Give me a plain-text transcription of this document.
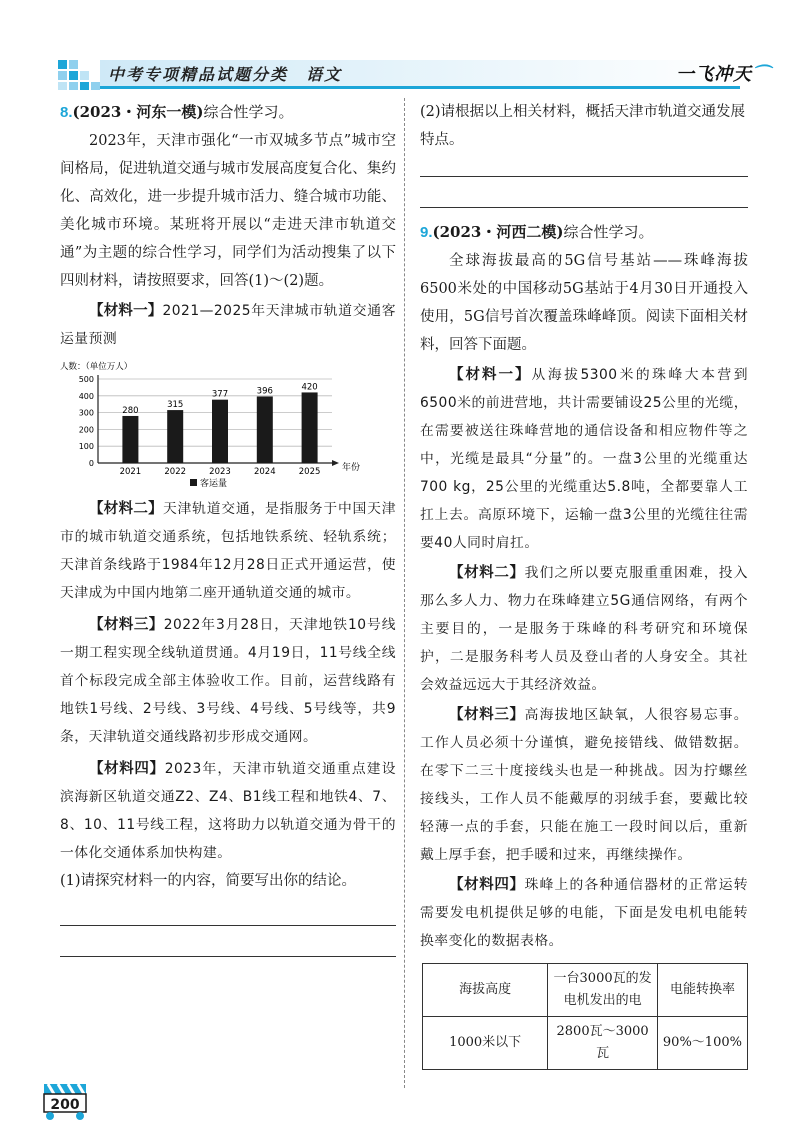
中考专项精品试题分类 语文	一飞冲天⌒

8.(2023・河东一模)综合性学习。

2023年，天津市强化“一市双城多节点”城市空间格局，促进轨道交通与城市发展高度复合化、集约化、高效化，进一步提升城市活力、缝合城市功能、美化城市环境。某班将开展以“走进天津市轨道交通”为主题的综合性学习，同学们为活动搜集了以下四则材料，请按照要求，回答(1)～(2)题。

【材料一】2021—2025年天津城市轨道交通客运量预测

人数：（单位万人）
年份
客运量
0
100
200
300
400
500
280
2021
315
2022
377
2023
396
2024
420
2025

【材料二】天津轨道交通，是指服务于中国天津市的城市轨道交通系统，包括地铁系统、轻轨系统；天津首条线路于1984年12月28日正式开通运营，使天津成为中国内地第二座开通轨道交通的城市。

【材料三】2022年3月28日，天津地铁10号线一期工程实现全线轨道贯通。4月19日，11号线全线首个标段完成全部主体验收工作。目前，运营线路有地铁1号线、2号线、3号线、4号线、5号线等，共9条，天津轨道交通线路初步形成交通网。

【材料四】2023年，天津市轨道交通重点建设滨海新区轨道交通Z2、Z4、B1线工程和地铁4、7、8、10、11号线工程，这将助力以轨道交通为骨干的一体化交通体系加快构建。

(1)请探究材料一的内容，简要写出你的结论。

(2)请根据以上相关材料，概括天津市轨道交通发展特点。

9.(2023・河西二模)综合性学习。

全球海拔最高的5G信号基站——珠峰海拔6500米处的中国移动5G基站于4月30日开通投入使用，5G信号首次覆盖珠峰峰顶。阅读下面相关材料，回答下面题。

【材料一】从海拔5300米的珠峰大本营到6500米的前进营地，共计需要铺设25公里的光缆，在需要被送往珠峰营地的通信设备和相应物件等之中，光缆是最具“分量”的。一盘3公里的光缆重达700 kg，25公里的光缆重达5.8吨，全都要靠人工扛上去。高原环境下，运输一盘3公里的光缆往往需要40人同时肩扛。

【材料二】我们之所以要克服重重困难，投入那么多人力、物力在珠峰建立5G通信网络，有两个主要目的，一是服务于珠峰的科考研究和环境保护，二是服务科考人员及登山者的人身安全。其社会效益远远大于其经济效益。

【材料三】高海拔地区缺氧，人很容易忘事。工作人员必须十分谨慎，避免接错线、做错数据。在零下二三十度接线头也是一种挑战。因为拧螺丝接线头，工作人员不能戴厚的羽绒手套，要戴比较轻薄一点的手套，只能在施工一段时间以后，重新戴上厚手套，把手暖和过来，再继续操作。

【材料四】珠峰上的各种通信器材的正常运转需要发电机提供足够的电能，下面是发电机电能转换率变化的数据表格。

海拔高度	一台3000瓦的发电机发出的电	电能转换率
1000米以下	2800瓦～3000瓦	90%～100%
200
